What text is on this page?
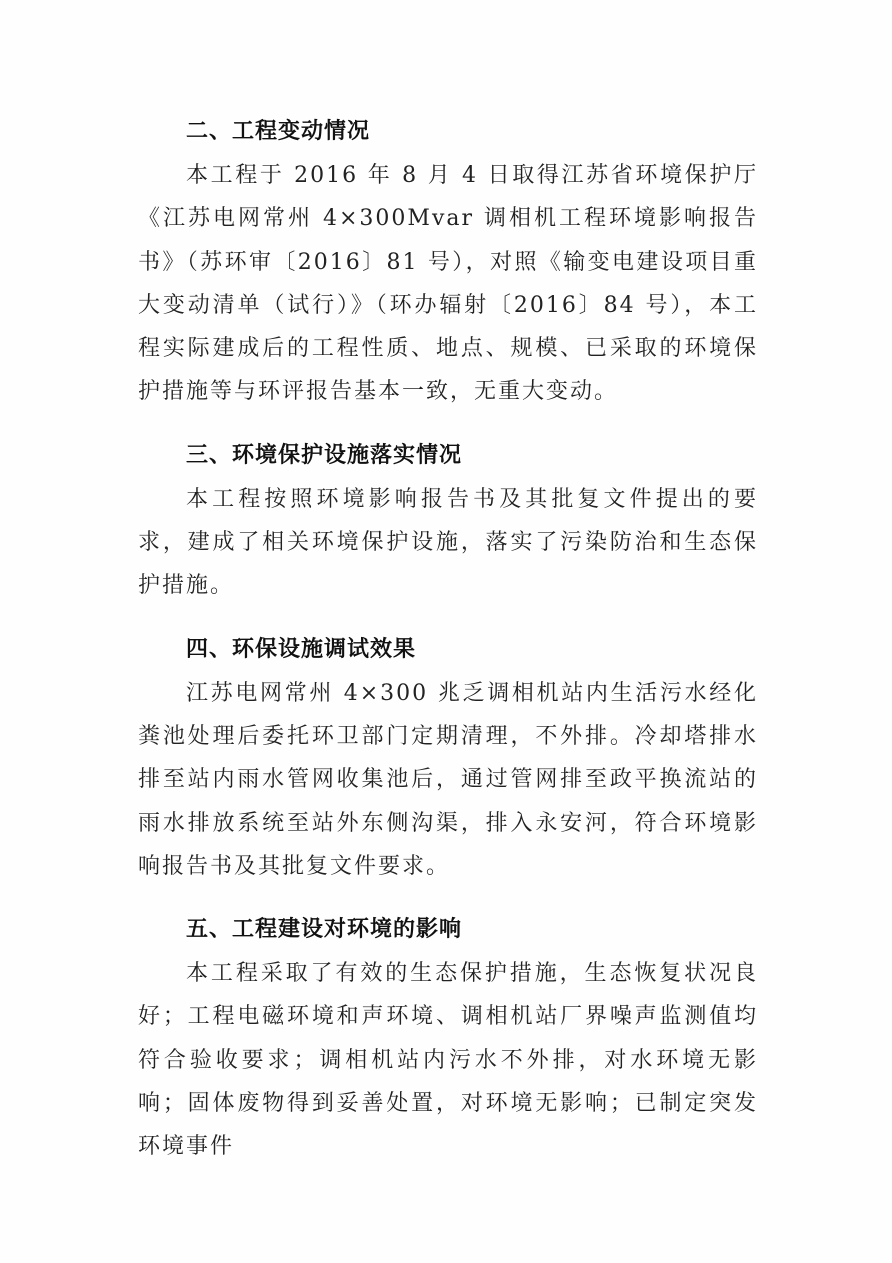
二、工程变动情况

本工程于 2016 年 8 月 4 日取得江苏省环境保护厅《江苏电网常州 4×300Mvar 调相机工程环境影响报告书》（苏环审〔2016〕81 号），对照《输变电建设项目重大变动清单（试行）》（环办辐射〔2016〕84 号），本工程实际建成后的工程性质、地点、规模、已采取的环境保护措施等与环评报告基本一致，无重大变动。

三、环境保护设施落实情况

本工程按照环境影响报告书及其批复文件提出的要求，建成了相关环境保护设施，落实了污染防治和生态保护措施。

四、环保设施调试效果

江苏电网常州 4×300 兆乏调相机站内生活污水经化粪池处理后委托环卫部门定期清理，不外排。冷却塔排水排至站内雨水管网收集池后，通过管网排至政平换流站的雨水排放系统至站外东侧沟渠，排入永安河，符合环境影响报告书及其批复文件要求。

五、工程建设对环境的影响

本工程采取了有效的生态保护措施，生态恢复状况良好；工程电磁环境和声环境、调相机站厂界噪声监测值均符合验收要求；调相机站内污水不外排，对水环境无影响；固体废物得到妥善处置，对环境无影响；已制定突发环境事件
